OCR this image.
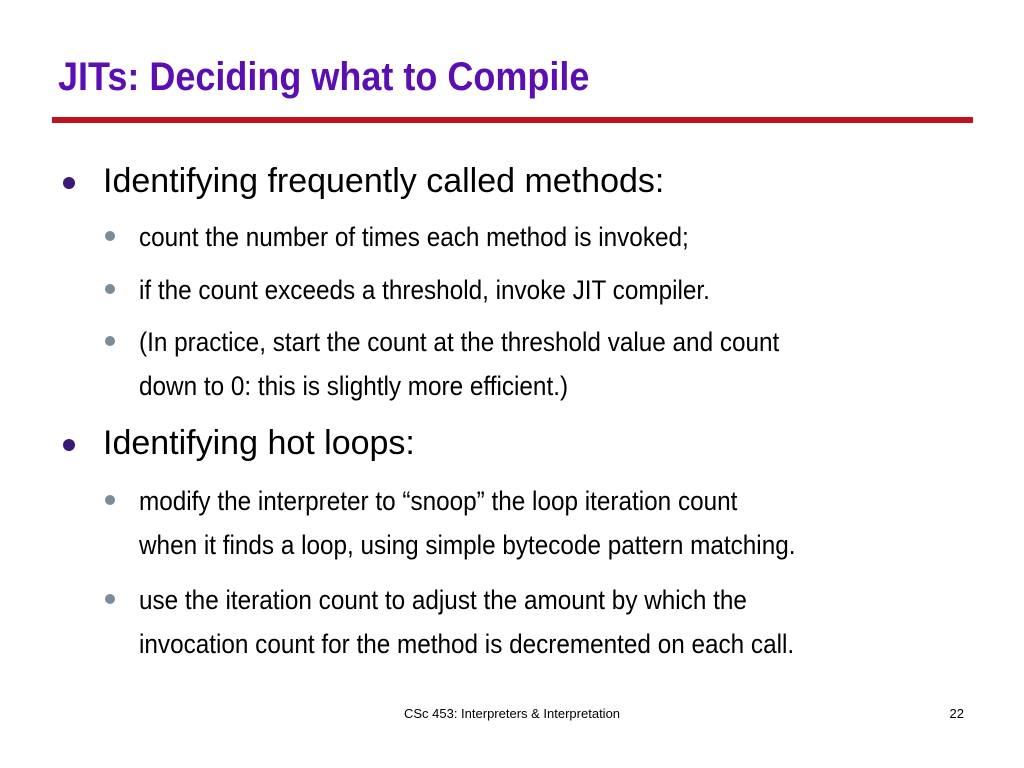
JITs: Deciding what to Compile
Identifying frequently called methods:
count the number of times each method is invoked;
if the count exceeds a threshold, invoke JIT compiler.
(In practice, start the count at the threshold value and count
down to 0: this is slightly more efficient.)
Identifying hot loops:
modify the interpreter to “snoop” the loop iteration count
when it finds a loop, using simple bytecode pattern matching.
use the iteration count to adjust the amount by which the
invocation count for the method is decremented on each call.
CSc 453: Interpreters & Interpretation	22
